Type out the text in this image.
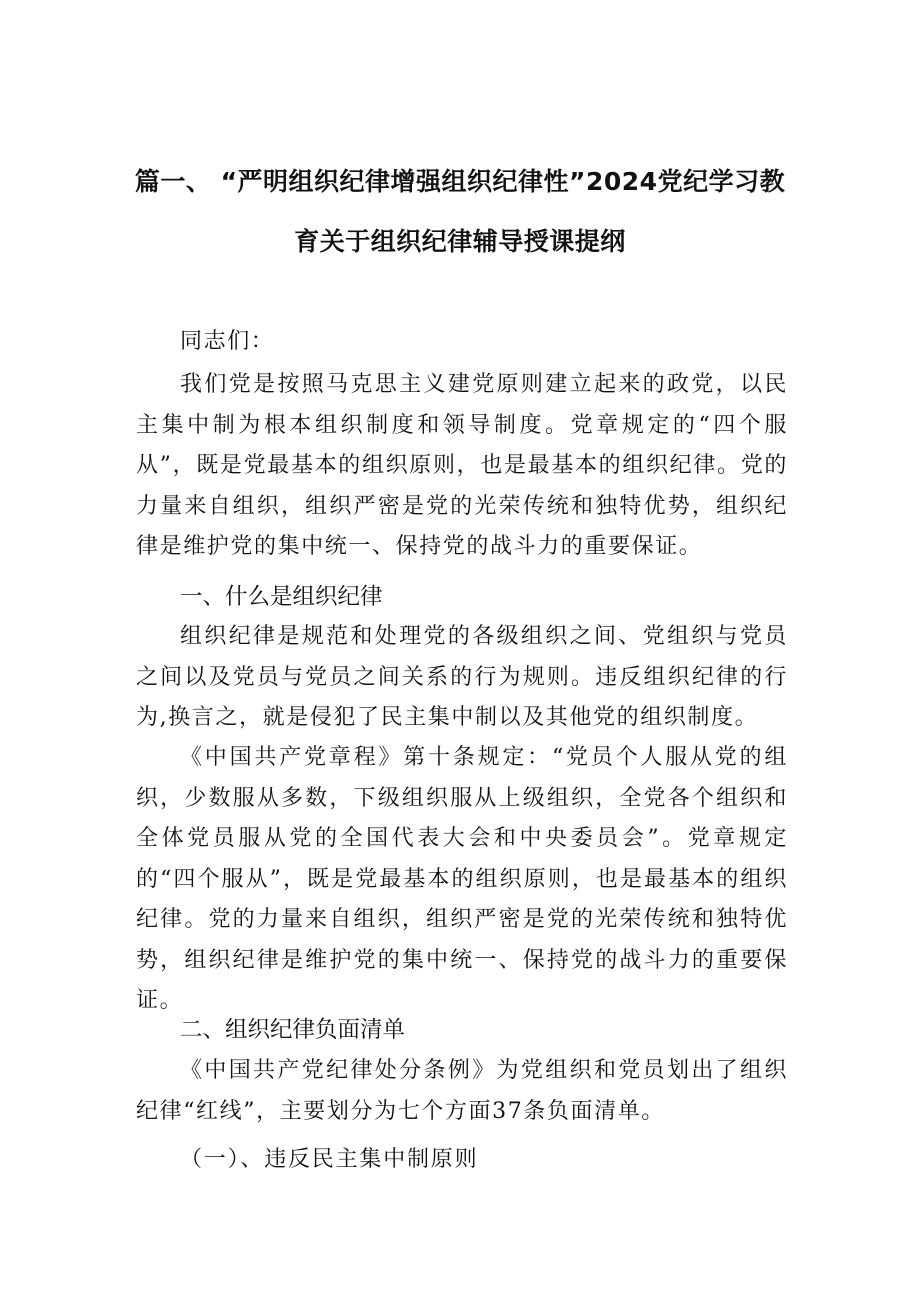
篇一、 “严明组织纪律增强组织纪律性”2024党纪学习教
育关于组织纪律辅导授课提纲

同志们：

我们党是按照马克思主义建党原则建立起来的政党，以民主集中制为根本组织制度和领导制度。党章规定的“四个服从”，既是党最基本的组织原则，也是最基本的组织纪律。党的力量来自组织，组织严密是党的光荣传统和独特优势，组织纪律是维护党的集中统一、保持党的战斗力的重要保证。

一、什么是组织纪律

组织纪律是规范和处理党的各级组织之间、党组织与党员之间以及党员与党员之间关系的行为规则。违反组织纪律的行为,换言之，就是侵犯了民主集中制以及其他党的组织制度。

《中国共产党章程》第十条规定：“党员个人服从党的组织，少数服从多数，下级组织服从上级组织，全党各个组织和全体党员服从党的全国代表大会和中央委员会”。党章规定的“四个服从”，既是党最基本的组织原则，也是最基本的组织纪律。党的力量来自组织，组织严密是党的光荣传统和独特优势，组织纪律是维护党的集中统一、保持党的战斗力的重要保证。

二、组织纪律负面清单

《中国共产党纪律处分条例》为党组织和党员划出了组织纪律“红线”，主要划分为七个方面37条负面清单。

（一）、违反民主集中制原则
